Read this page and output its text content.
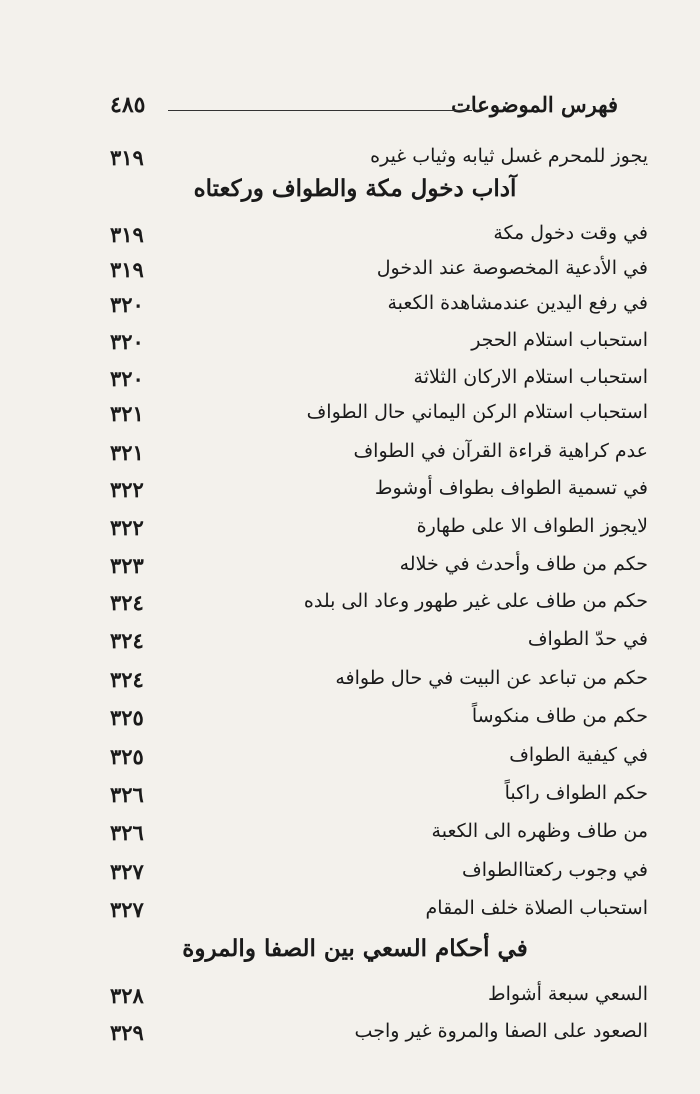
فهرس الموضوعات
٤٨٥
يجوز للمحرم غسل ثيابه وثياب غيره
٣١٩
آداب دخول مكة والطواف وركعتاه
في وقت دخول مكة
٣١٩
في الأدعية المخصوصة عند الدخول
٣١٩
في رفع اليدين عندمشاهدة الكعبة
٣٢٠
استحباب استلام الحجر
٣٢٠
استحباب استلام الاركان الثلاثة
٣٢٠
استحباب استلام الركن اليماني حال الطواف
٣٢١
عدم كراهية قراءة القرآن في الطواف
٣٢١
في تسمية الطواف بطواف أوشوط
٣٢٢
لايجوز الطواف الا على طهارة
٣٢٢
حكم من طاف وأحدث في خلاله
٣٢٣
حكم من طاف على غير طهور وعاد الى بلده
٣٢٤
في حدّ الطواف
٣٢٤
حكم من تباعد عن البيت في حال طوافه
٣٢٤
حكم من طاف منكوساً
٣٢٥
في كيفية الطواف
٣٢٥
حكم الطواف راكباً
٣٢٦
من طاف وظهره الى الكعبة
٣٢٦
في وجوب ركعتاالطواف
٣٢٧
استحباب الصلاة خلف المقام
٣٢٧
في أحكام السعي بين الصفا والمروة
السعي سبعة أشواط
٣٢٨
الصعود على الصفا والمروة غير واجب
٣٢٩
